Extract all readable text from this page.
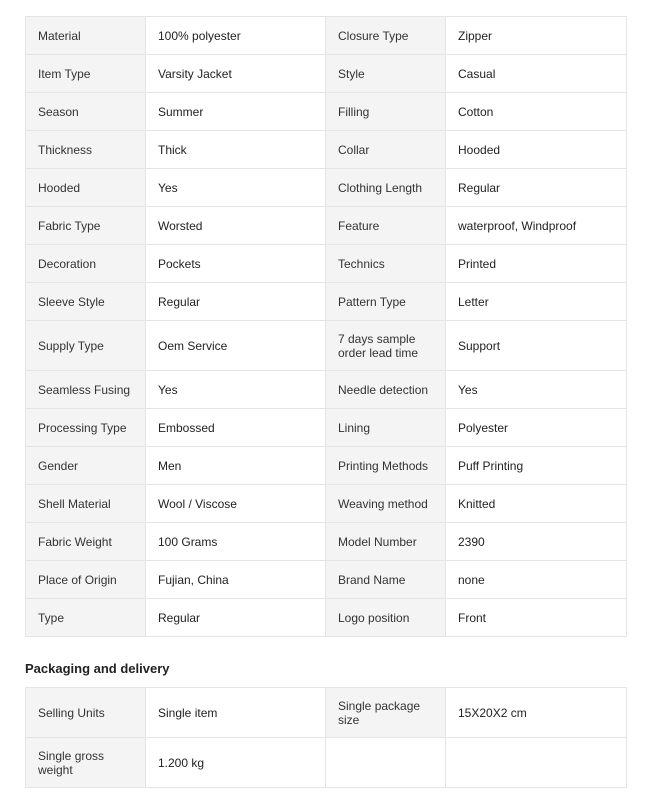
Material	100% polyester	Closure Type	Zipper
Item Type	Varsity Jacket	Style	Casual
Season	Summer	Filling	Cotton
Thickness	Thick	Collar	Hooded
Hooded	Yes	Clothing Length	Regular
Fabric Type	Worsted	Feature	waterproof, Windproof
Decoration	Pockets	Technics	Printed
Sleeve Style	Regular	Pattern Type	Letter
Supply Type	Oem Service	7 days sample order lead time	Support
Seamless Fusing	Yes	Needle detection	Yes
Processing Type	Embossed	Lining	Polyester
Gender	Men	Printing Methods	Puff Printing
Shell Material	Wool / Viscose	Weaving method	Knitted
Fabric Weight	100 Grams	Model Number	2390
Place of Origin	Fujian, China	Brand Name	none
Type	Regular	Logo position	Front
Packaging and delivery
Selling Units	Single item	Single package size	15X20X2 cm
Single gross weight	1.200 kg		
